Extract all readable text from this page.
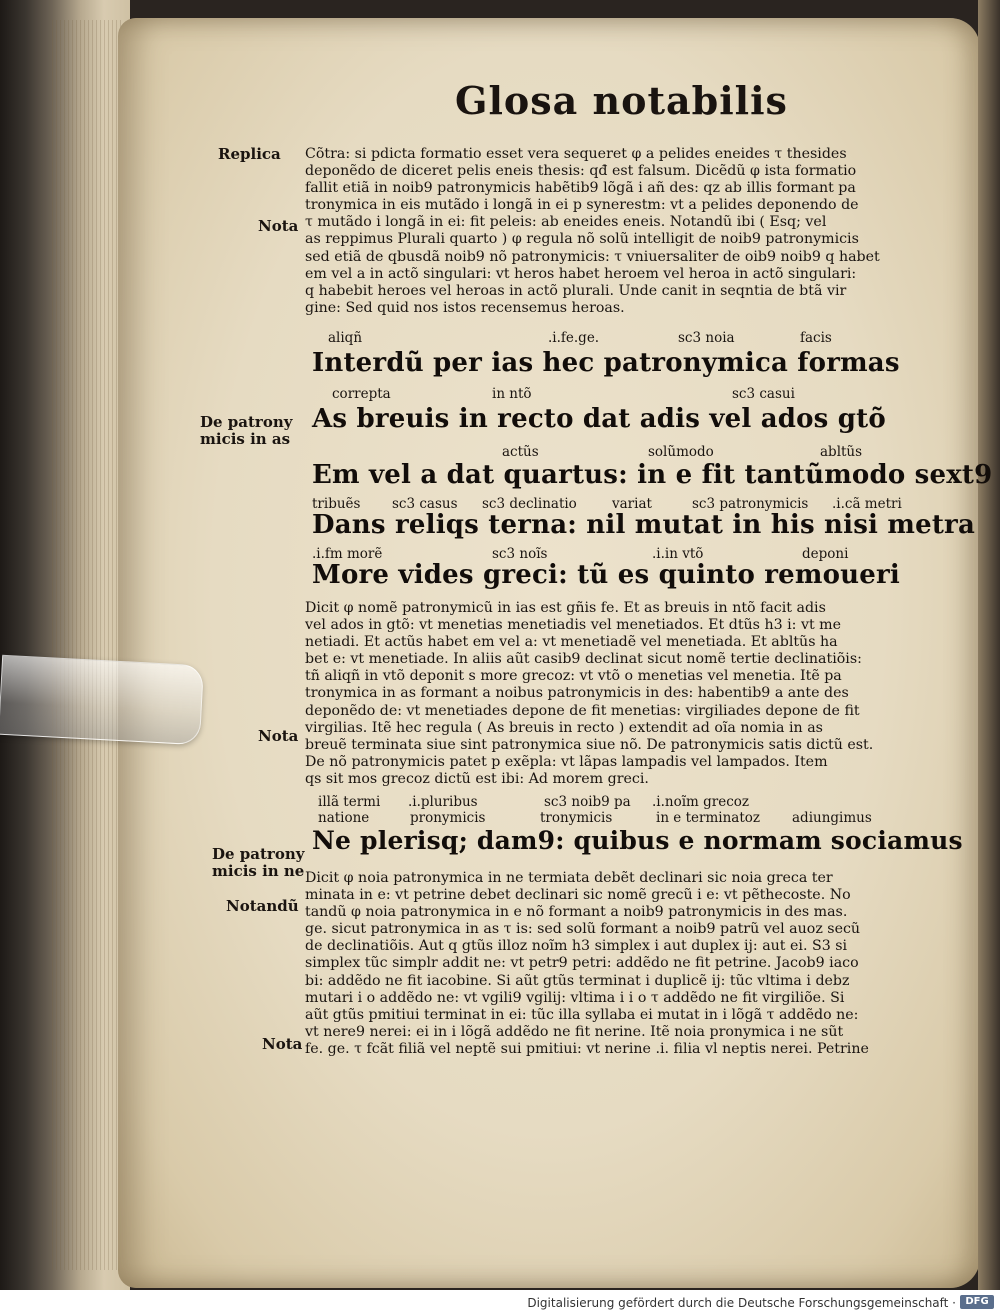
Glosa notabilis
Replica
Nota
De patrony
micis in as
Nota
De patrony
micis in ne
Notandũ
Nota
Cõtra: si pdicta formatio esset vera sequeret φ a pelides eneides τ thesides
deponẽdo de diceret pelis eneis thesis: qđ est falsum. Dicẽdũ φ ista formatio
fallit etiã in noib9 patronymicis habẽtib9 lõgã i añ des: qz ab illis formant pa
tronymica in eis mutãdo i longã in ei p synerestm: vt a pelides deponendo de
τ mutãdo i longã in ei: fit peleis: ab eneides eneis. Notandũ ibi ( Esq; vel
as reppimus Plurali quarto ) φ regula nõ solũ intelligit de noib9 patronymicis
sed etiã de qbusdã noib9 nõ patronymicis: τ vniuersaliter de oib9 noib9 q habet
em vel a in actõ singulari: vt heros habet heroem vel heroa in actõ singulari:
q habebit heroes vel heroas in actõ plurali. Unde canit in seqntia de btã vir
gine: Sed quid nos istos recensemus heroas.
aliqñ	.i.fe.ge.	sc3 noia	facis
Interdũ per ias hec patronymica formas
correpta	in ntõ	sc3 casui
As breuis in recto dat adis vel ados gtõ
actũs	solũmodo	abltũs
Em vel a dat quartus: in e fit tantũmodo sext9
tribuẽs sc3 casus sc3 declinatio	variat	sc3 patronymicis .i.cã metri
Dans reliqs terna: nil mutat in his nisi metra
.i.fm morẽ	sc3 noĩs	.i.in vtõ	deponi
More vides greci: tũ es quinto remoueri
Dicit φ nomẽ patronymicũ in ias est gñis fe. Et as breuis in ntõ facit adis
vel ados in gtõ: vt menetias menetiadis vel menetiados. Et dtũs h3 i: vt me
netiadi. Et actũs habet em vel a: vt menetiadẽ vel menetiada. Et abltũs ha
bet e: vt menetiade. In aliis aũt casib9 declinat sicut nomẽ tertie declinatiõis:
tñ aliqñ in vtõ deponit s more grecoz: vt vtõ o menetias vel menetia. Itẽ pa
tronymica in as formant a noibus patronymicis in des: habentib9 a ante des
deponẽdo de: vt menetiades depone de fit menetias: virgiliades depone de fit
virgilias. Itẽ hec regula ( As breuis in recto ) extendit ad oĩa nomia in as
breuẽ terminata siue sint patronymica siue nõ. De patronymicis satis dictũ est.
De nõ patronymicis patet p exẽpla: vt lãpas lampadis vel lampados. Item
qs sit mos grecoz dictũ est ibi: Ad morem greci.
illã termi .i.pluribus	sc3 noib9 pa .i.noĩm grecoz
natione	pronymicis	tronymicis	in e terminatoz adiungimus
Ne plerisq; dam9: quibus e normam sociamus
Dicit φ noia patronymica in ne termiata debẽt declinari sic noia greca ter
minata in e: vt petrine debet declinari sic nomẽ grecũ i e: vt pẽthecoste. No
tandũ φ noia patronymica in e nõ formant a noib9 patronymicis in des mas.
ge. sicut patronymica in as τ is: sed solũ formant a noib9 patrũ vel auoz secũ
de declinatiõis. Aut q gtũs illoz noĩm h3 simplex i aut duplex ij: aut ei. S3 si
simplex tũc simplr addit ne: vt petr9 petri: addẽdo ne fit petrine. Jacob9 iaco
bi: addẽdo ne fit iacobine. Si aũt gtũs terminat i duplicẽ ij: tũc vltima i debz
mutari i o addẽdo ne: vt vgili9 vgilij: vltima i i o τ addẽdo ne fit virgiliõe. Si
aũt gtũs pmitiui terminat in ei: tũc illa syllaba ei mutat in i lõgã τ addẽdo ne:
vt nere9 nerei: ei in i lõgã addẽdo ne fit nerine. Itẽ noia pronymica i ne sũt
fe. ge. τ fcãt filiã vel neptẽ sui pmitiui: vt nerine .i. filia vl neptis nerei. Petrine
Digitalisierung gefördert durch die Deutsche Forschungsgemeinschaft · DFG
